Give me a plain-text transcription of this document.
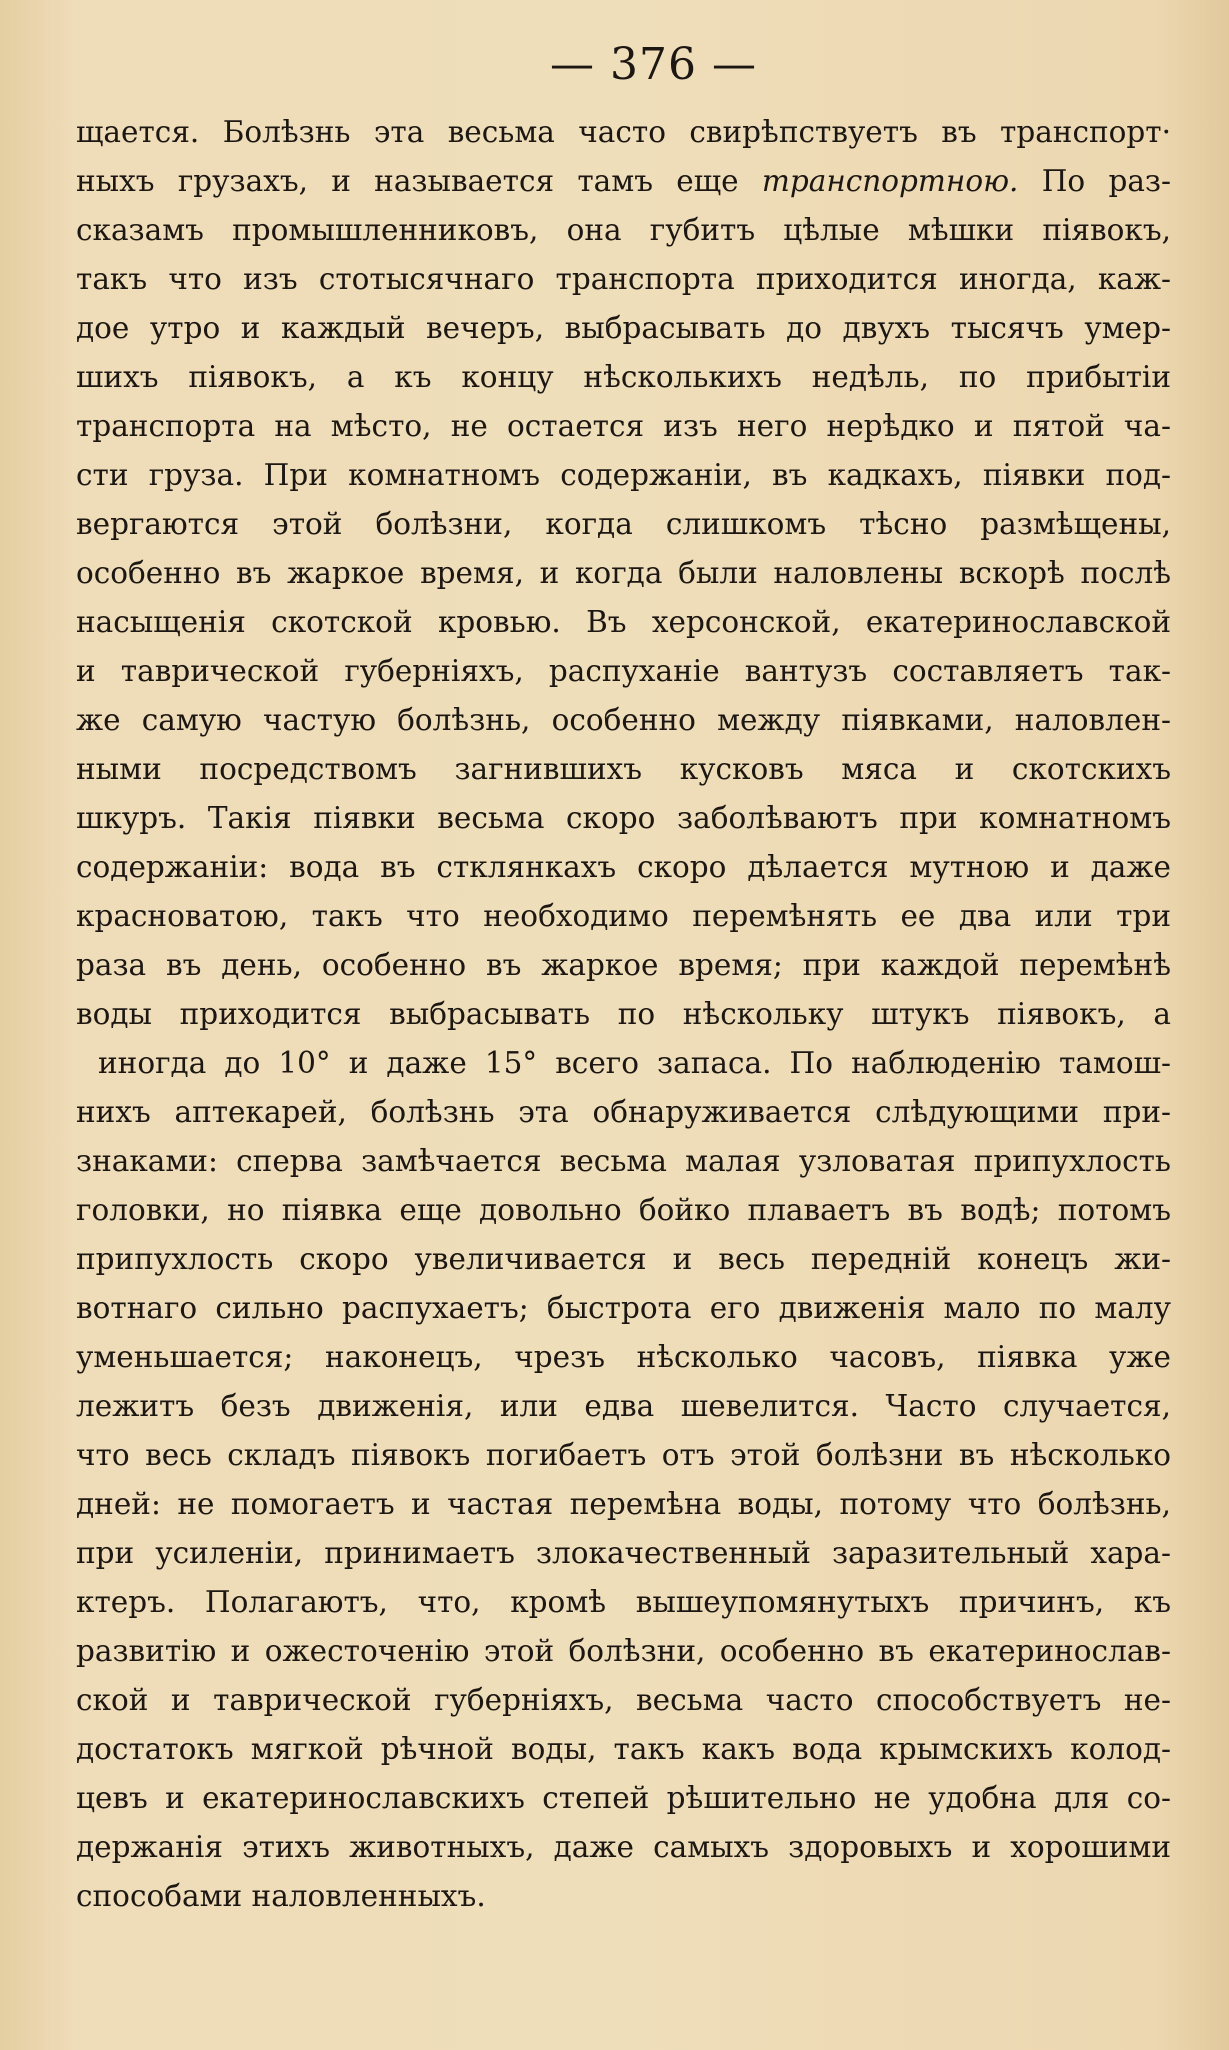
— 376 —
щается. Болѣзнь эта весьма часто свирѣпствуетъ въ транспорт·
ныхъ грузахъ, и называется тамъ еще транспортною. По раз-
сказамъ промышленниковъ, она губитъ цѣлые мѣшки піявокъ,
такъ что изъ стотысячнаго транспорта приходится иногда, каж-
дое утро и каждый вечеръ, выбрасывать до двухъ тысячъ умер-
шихъ піявокъ, а къ концу нѣсколькихъ недѣль, по прибытіи
транспорта на мѣсто, не остается изъ него нерѣдко и пятой ча-
сти груза. При комнатномъ содержаніи, въ кадкахъ, піявки под-
вергаются этой болѣзни, когда слишкомъ тѣсно размѣщены,
особенно въ жаркое время, и когда были наловлены вскорѣ послѣ
насыщенія скотской кровью. Въ херсонской, екатеринославской
и таврической губерніяхъ, распуханіе вантузъ составляетъ так-
же самую частую болѣзнь, особенно между піявками, наловлен-
ными посредствомъ загнившихъ кусковъ мяса и скотскихъ
шкуръ. Такія піявки весьма скоро заболѣваютъ при комнатномъ
содержаніи: вода въ стклянкахъ скоро дѣлается мутною и даже
красноватою, такъ что необходимо перемѣнять ее два или три
раза въ день, особенно въ жаркое время; при каждой перемѣнѣ
воды приходится выбрасывать по нѣскольку штукъ піявокъ, а
иногда до 10° и даже 15° всего запаса. По наблюденію тамош-
нихъ аптекарей, болѣзнь эта обнаруживается слѣдующими при-
знаками: сперва замѣчается весьма малая узловатая припухлость
головки, но піявка еще довольно бойко плаваетъ въ водѣ; потомъ
припухлость скоро увеличивается и весь передній конецъ жи-
вотнаго сильно распухаетъ; быстрота его движенія мало по малу
уменьшается; наконецъ, чрезъ нѣсколько часовъ, піявка уже
лежитъ безъ движенія, или едва шевелится. Часто случается,
что весь складъ піявокъ погибаетъ отъ этой болѣзни въ нѣсколько
дней: не помогаетъ и частая перемѣна воды, потому что болѣзнь,
при усиленіи, принимаетъ злокачественный заразительный хара-
ктеръ. Полагаютъ, что, кромѣ вышеупомянутыхъ причинъ, къ
развитію и ожесточенію этой болѣзни, особенно въ екатеринослав-
ской и таврической губерніяхъ, весьма часто способствуетъ не-
достатокъ мягкой рѣчной воды, такъ какъ вода крымскихъ колод-
цевъ и екатеринославскихъ степей рѣшительно не удобна для со-
держанія этихъ животныхъ, даже самыхъ здоровыхъ и хорошими
способами наловленныхъ.
